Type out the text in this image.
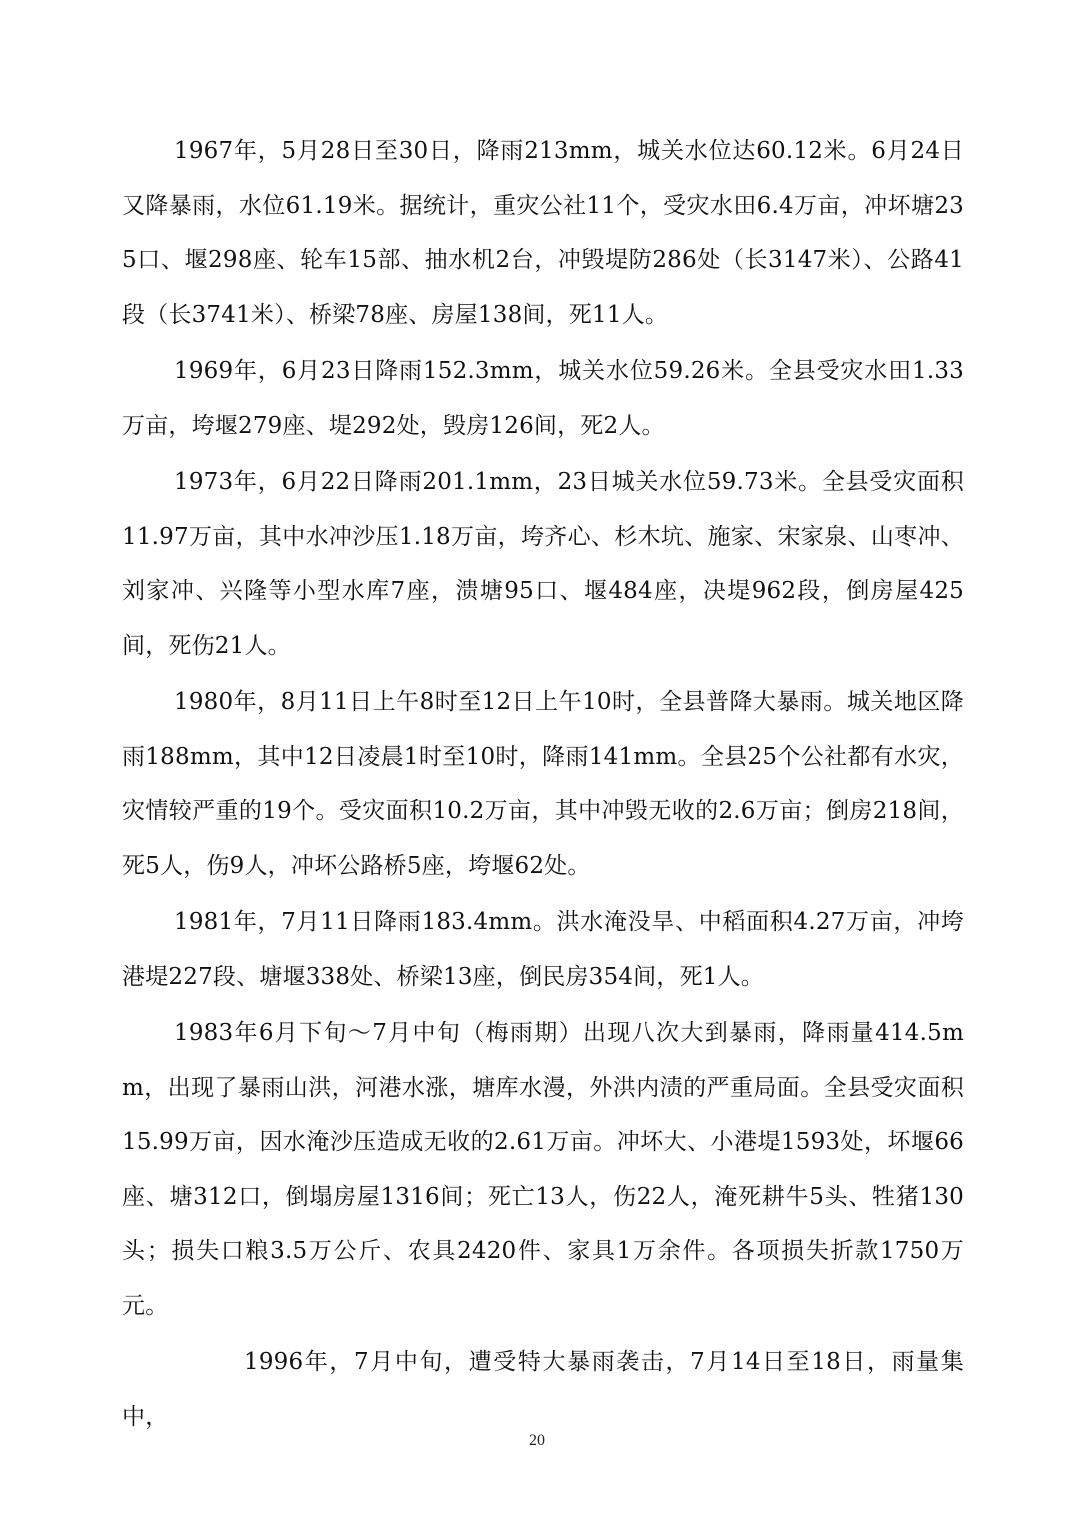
1967年，5月28日至30日，降雨213mm，城关水位达60.12米。6月24日又降暴雨，水位61.19米。据统计，重灾公社11个，受灾水田6.4万亩，冲坏塘235口、堰298座、轮车15部、抽水机2台，冲毁堤防286处（长3147米）、公路41段（长3741米）、桥梁78座、房屋138间，死11人。

1969年，6月23日降雨152.3mm，城关水位59.26米。全县受灾水田1.33万亩，垮堰279座、堤292处，毁房126间，死2人。

1973年，6月22日降雨201.1mm，23日城关水位59.73米。全县受灾面积11.97万亩，其中水冲沙压1.18万亩，垮齐心、杉木坑、施家、宋家泉、山枣冲、刘家冲、兴隆等小型水库7座，溃塘95口、堰484座，决堤962段，倒房屋425间，死伤21人。

1980年，8月11日上午8时至12日上午10时，全县普降大暴雨。城关地区降雨188mm，其中12日凌晨1时至10时，降雨141mm。全县25个公社都有水灾，灾情较严重的19个。受灾面积10.2万亩，其中冲毁无收的2.6万亩；倒房218间，死5人，伤9人，冲坏公路桥5座，垮堰62处。

1981年，7月11日降雨183.4mm。洪水淹没旱、中稻面积4.27万亩，冲垮港堤227段、塘堰338处、桥梁13座，倒民房354间，死1人。

1983年6月下旬～7月中旬（梅雨期）出现八次大到暴雨，降雨量414.5mm，出现了暴雨山洪，河港水涨，塘库水漫，外洪内渍的严重局面。全县受灾面积15.99万亩，因水淹沙压造成无收的2.61万亩。冲坏大、小港堤1593处，坏堰66座、塘312口，倒塌房屋1316间；死亡13人，伤22人，淹死耕牛5头、牲猪130头；损失口粮3.5万公斤、农具2420件、家具1万余件。各项损失折款1750万元。

1996年，7月中旬，遭受特大暴雨袭击，7月14日至18日，雨量集中，

20
